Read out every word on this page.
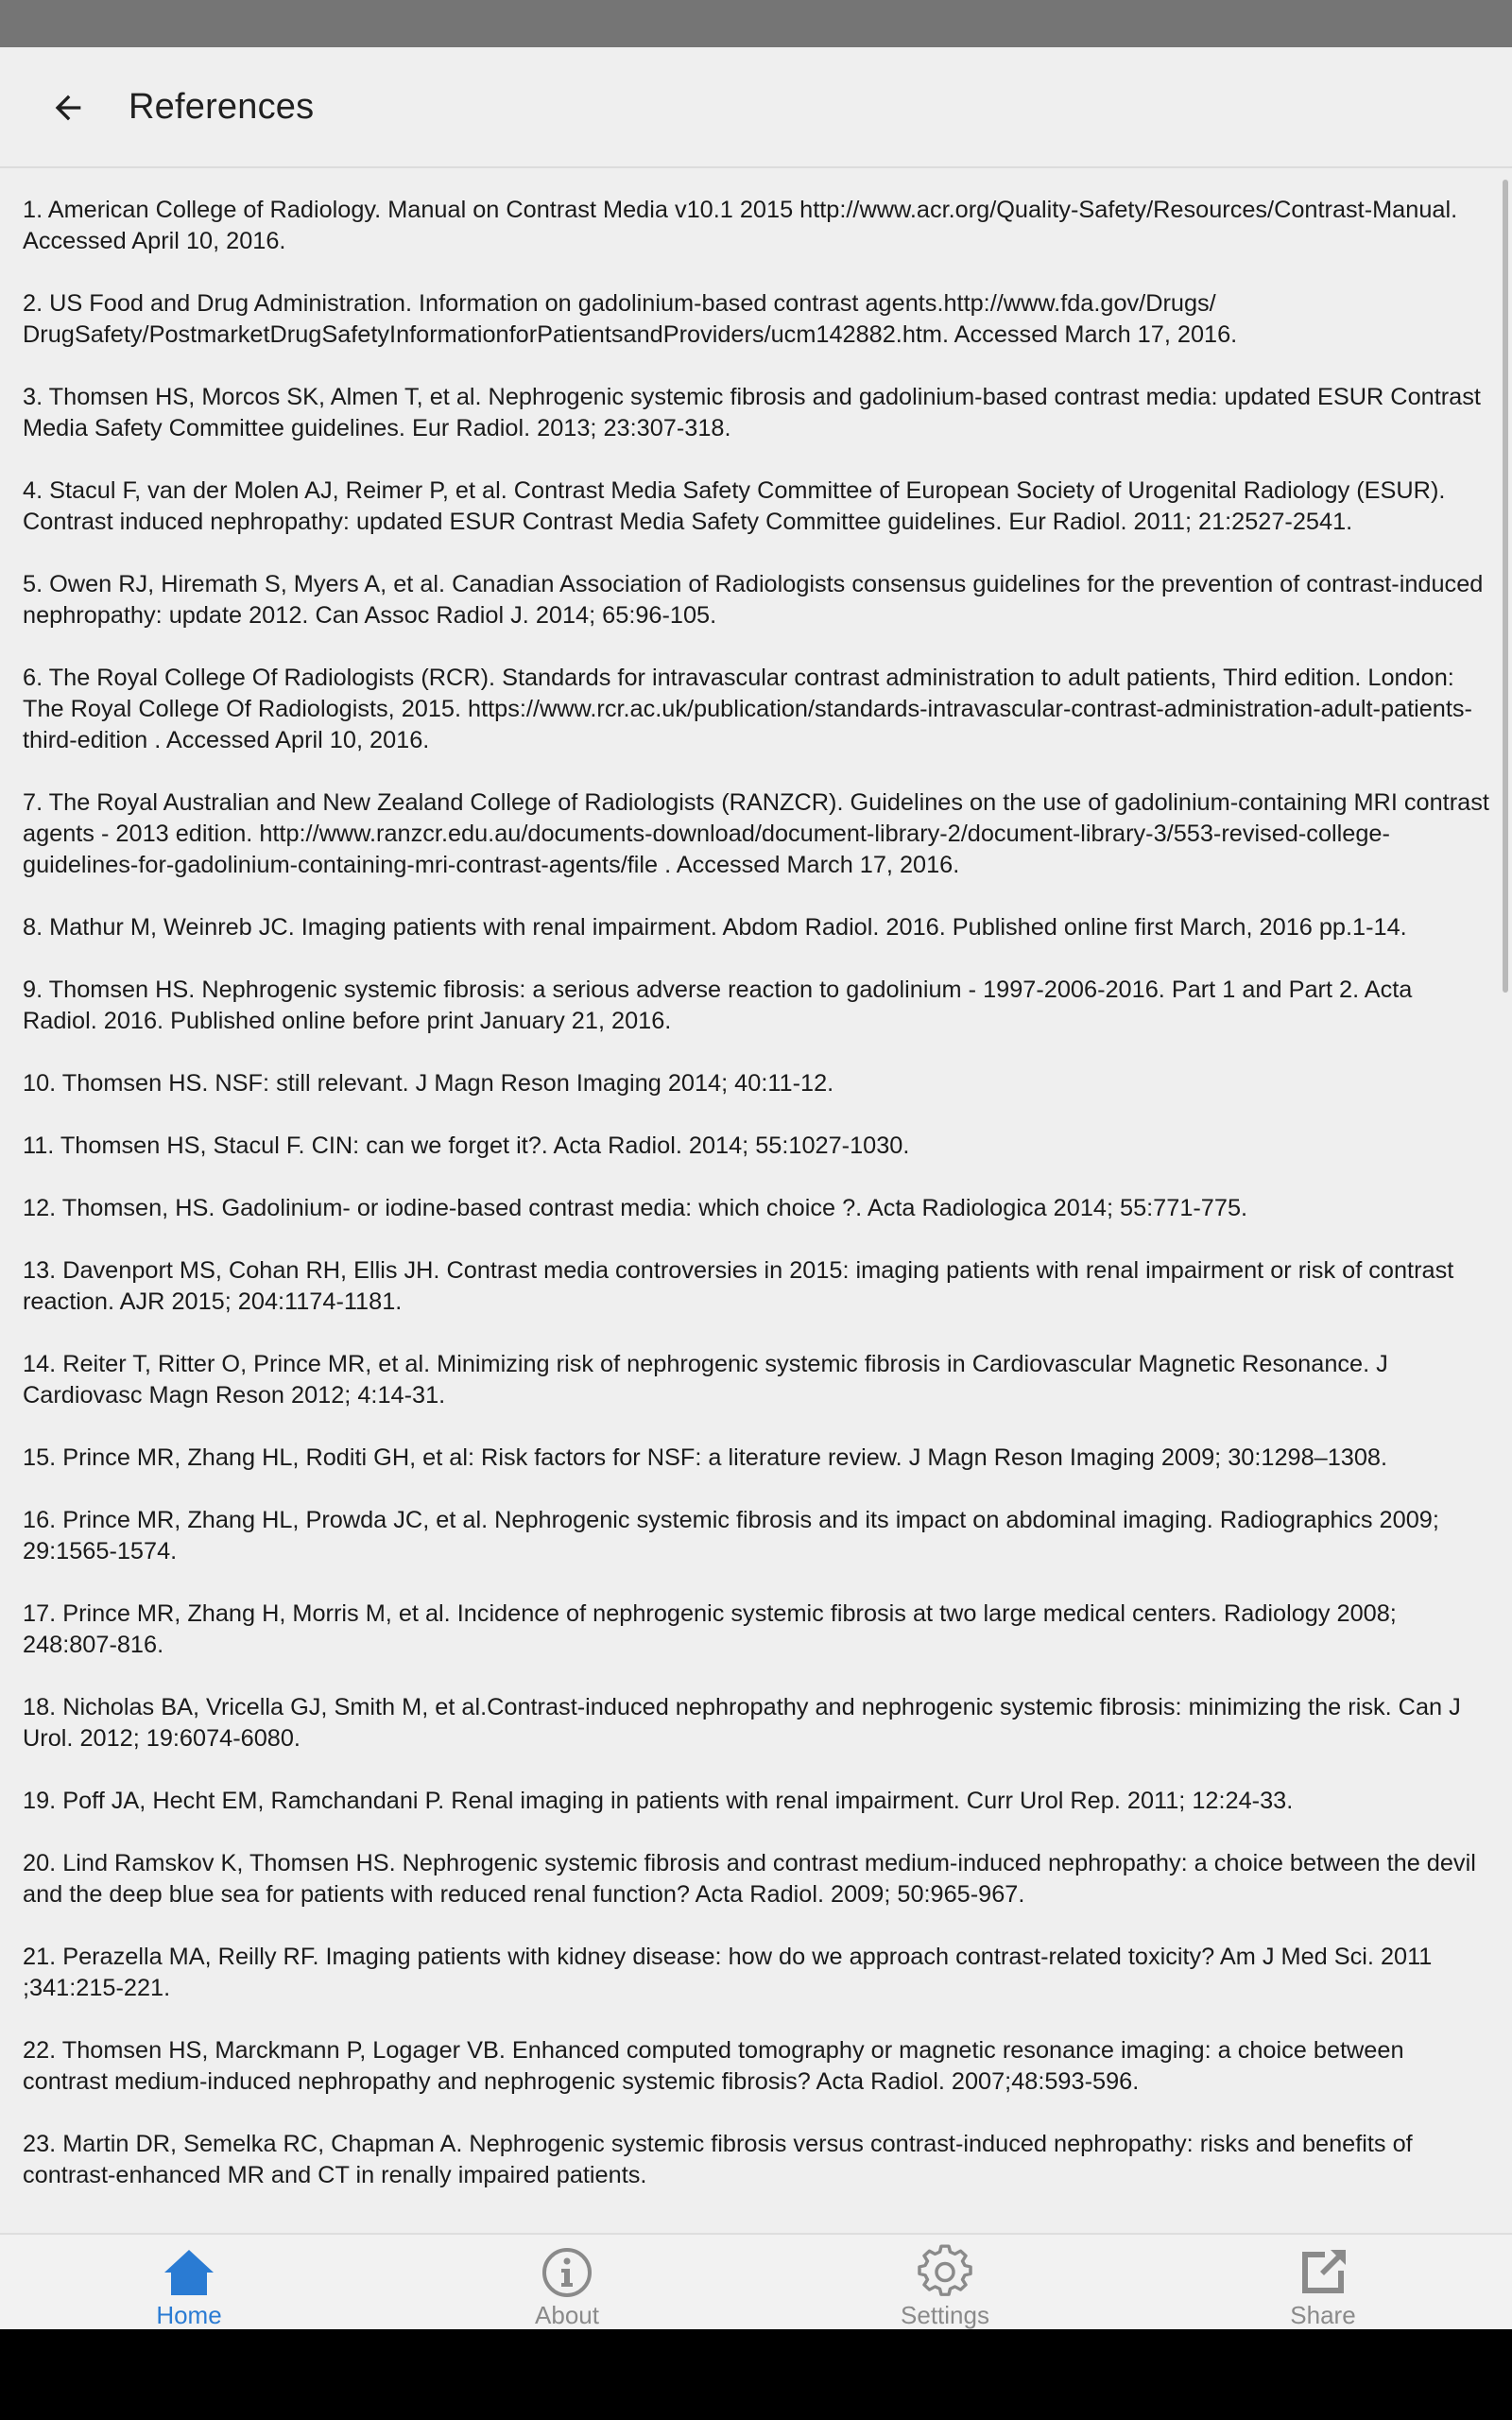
References
1. American College of Radiology. Manual on Contrast Media v10.1 2015 http://www.acr.org/Quality-Safety/Resources/Contrast-Manual. Accessed April 10, 2016.
2. US Food and Drug Administration. Information on gadolinium-based contrast agents.http://www.fda.gov/Drugs/ DrugSafety/PostmarketDrugSafetyInformationforPatientsandProviders/ucm142882.htm. Accessed March 17, 2016.
3. Thomsen HS, Morcos SK, Almen T, et al. Nephrogenic systemic fibrosis and gadolinium-based contrast media: updated ESUR Contrast Media Safety Committee guidelines. Eur Radiol. 2013; 23:307-318.
4. Stacul F, van der Molen AJ, Reimer P, et al. Contrast Media Safety Committee of European Society of Urogenital Radiology (ESUR). Contrast induced nephropathy: updated ESUR Contrast Media Safety Committee guidelines. Eur Radiol. 2011; 21:2527-2541.
5. Owen RJ, Hiremath S, Myers A, et al. Canadian Association of Radiologists consensus guidelines for the prevention of contrast-induced nephropathy: update 2012. Can Assoc Radiol J. 2014; 65:96-105.
6. The Royal College Of Radiologists (RCR). Standards for intravascular contrast administration to adult patients, Third edition. London: The Royal College Of Radiologists, 2015. https://www.rcr.ac.uk/publication/standards-intravascular-contrast-administration-adult-patients-third-edition . Accessed April 10, 2016.
7. The Royal Australian and New Zealand College of Radiologists (RANZCR). Guidelines on the use of gadolinium-containing MRI contrast agents - 2013 edition. http://www.ranzcr.edu.au/documents-download/document-library-2/document-library-3/553-revised-college-guidelines-for-gadolinium-containing-mri-contrast-agents/file . Accessed March 17, 2016.
8. Mathur M, Weinreb JC. Imaging patients with renal impairment. Abdom Radiol. 2016. Published online first March, 2016 pp.1-14.
9. Thomsen HS. Nephrogenic systemic fibrosis: a serious adverse reaction to gadolinium - 1997-2006-2016. Part 1 and Part 2. Acta Radiol. 2016. Published online before print January 21, 2016.
10. Thomsen HS. NSF: still relevant. J Magn Reson Imaging 2014; 40:11-12.
11. Thomsen HS, Stacul F. CIN: can we forget it?. Acta Radiol. 2014; 55:1027-1030.
12. Thomsen, HS. Gadolinium- or iodine-based contrast media: which choice ?. Acta Radiologica 2014; 55:771-775.
13. Davenport MS, Cohan RH, Ellis JH. Contrast media controversies in 2015: imaging patients with renal impairment or risk of contrast reaction. AJR 2015; 204:1174-1181.
14. Reiter T, Ritter O, Prince MR, et al. Minimizing risk of nephrogenic systemic fibrosis in Cardiovascular Magnetic Resonance. J Cardiovasc Magn Reson 2012; 4:14-31.
15. Prince MR, Zhang HL, Roditi GH, et al: Risk factors for NSF: a literature review. J Magn Reson Imaging 2009; 30:1298–1308.
16. Prince MR, Zhang HL, Prowda JC, et al. Nephrogenic systemic fibrosis and its impact on abdominal imaging. Radiographics 2009; 29:1565-1574.
17. Prince MR, Zhang H, Morris M, et al. Incidence of nephrogenic systemic fibrosis at two large medical centers. Radiology 2008; 248:807-816.
18. Nicholas BA, Vricella GJ, Smith M, et al.Contrast-induced nephropathy and nephrogenic systemic fibrosis: minimizing the risk. Can J Urol. 2012; 19:6074-6080.
19. Poff JA, Hecht EM, Ramchandani P. Renal imaging in patients with renal impairment. Curr Urol Rep. 2011; 12:24-33.
20. Lind Ramskov K, Thomsen HS. Nephrogenic systemic fibrosis and contrast medium-induced nephropathy: a choice between the devil and the deep blue sea for patients with reduced renal function? Acta Radiol. 2009; 50:965-967.
21. Perazella MA, Reilly RF. Imaging patients with kidney disease: how do we approach contrast-related toxicity? Am J Med Sci. 2011 ;341:215-221.
22. Thomsen HS, Marckmann P, Logager VB. Enhanced computed tomography or magnetic resonance imaging: a choice between contrast medium-induced nephropathy and nephrogenic systemic fibrosis? Acta Radiol. 2007;48:593-596.
23. Martin DR, Semelka RC, Chapman A. Nephrogenic systemic fibrosis versus contrast-induced nephropathy: risks and benefits of contrast-enhanced MR and CT in renally impaired patients.
Home	About	Settings	Share
